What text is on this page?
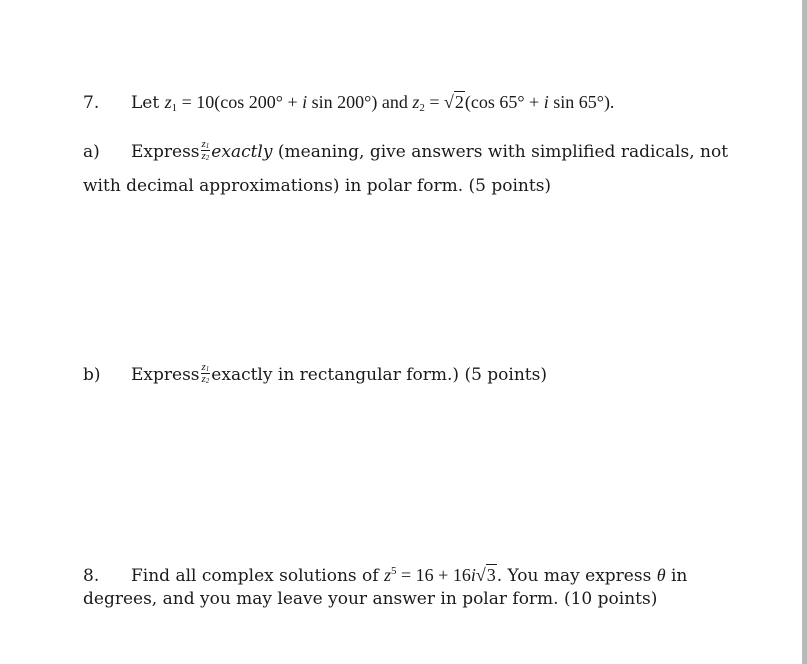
7. Let $z_1 = 10(\cos$ 200° + i sin 200°) and $z_2 = √2(\cos$ 65° + i sin 65°).
a) Express $\frac{z_1}{z_2}$ exactly (meaning, give answers with simplified radicals, not
with decimal approximations) in polar form. (5 points)
b) Express $\frac{z_1}{z_2}$ exactly in rectangular form.) (5 points)
8. Find all complex solutions of $z^5 = 16 + 16i√3$. You may express θ in
degrees, and you may leave your answer in polar form. (10 points)
